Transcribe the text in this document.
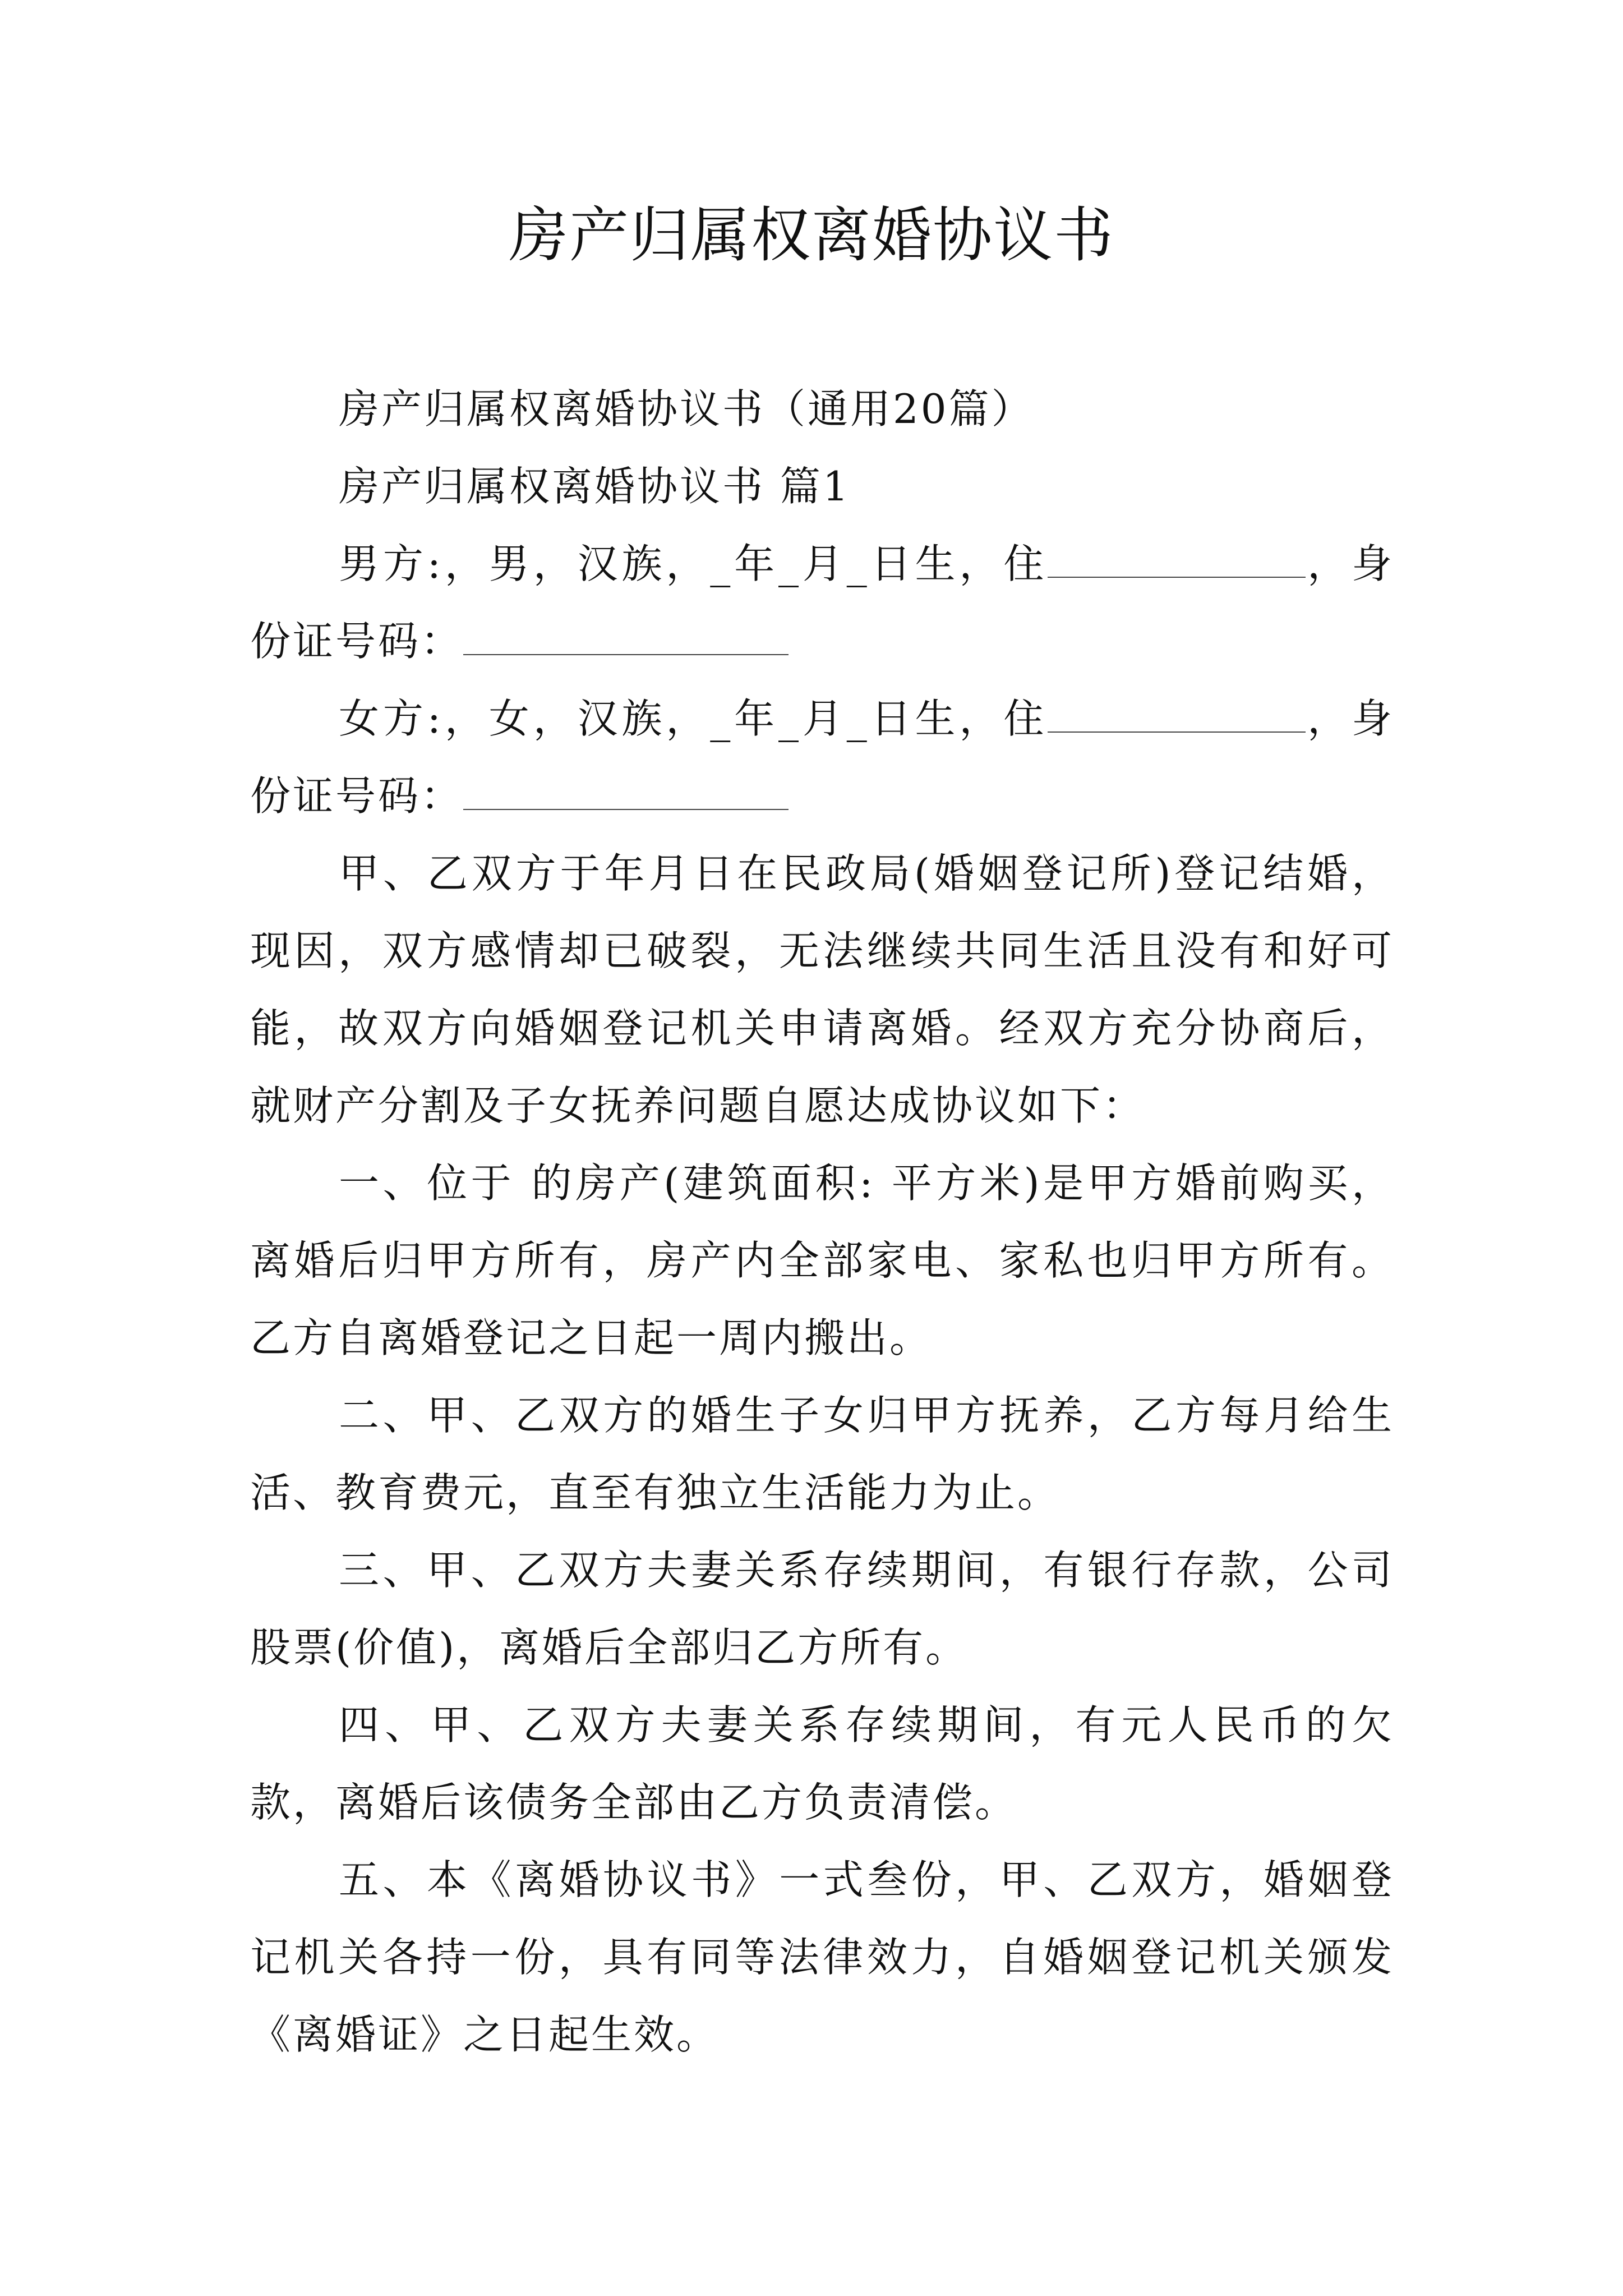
房产归属权离婚协议书

房产归属权离婚协议书（通用20篇）

房产归属权离婚协议书 篇1

男方:，男，汉族，_年_月_日生，住	，身份证号码：

女方:，女，汉族，_年_月_日生，住	，身份证号码：

甲、乙双方于年月日在民政局(婚姻登记所)登记结婚，现因，双方感情却已破裂，无法继续共同生活且没有和好可能，故双方向婚姻登记机关申请离婚。经双方充分协商后，就财产分割及子女抚养问题自愿达成协议如下：

一、位于 的房产(建筑面积: 平方米)是甲方婚前购买，离婚后归甲方所有，房产内全部家电、家私也归甲方所有。乙方自离婚登记之日起一周内搬出。

二、甲、乙双方的婚生子女归甲方抚养，乙方每月给生活、教育费元，直至有独立生活能力为止。

三、甲、乙双方夫妻关系存续期间，有银行存款，公司股票(价值)，离婚后全部归乙方所有。

四、甲、乙双方夫妻关系存续期间，有元人民币的欠款，离婚后该债务全部由乙方负责清偿。

五、本《离婚协议书》一式叁份，甲、乙双方，婚姻登记机关各持一份，具有同等法律效力，自婚姻登记机关颁发《离婚证》之日起生效。
